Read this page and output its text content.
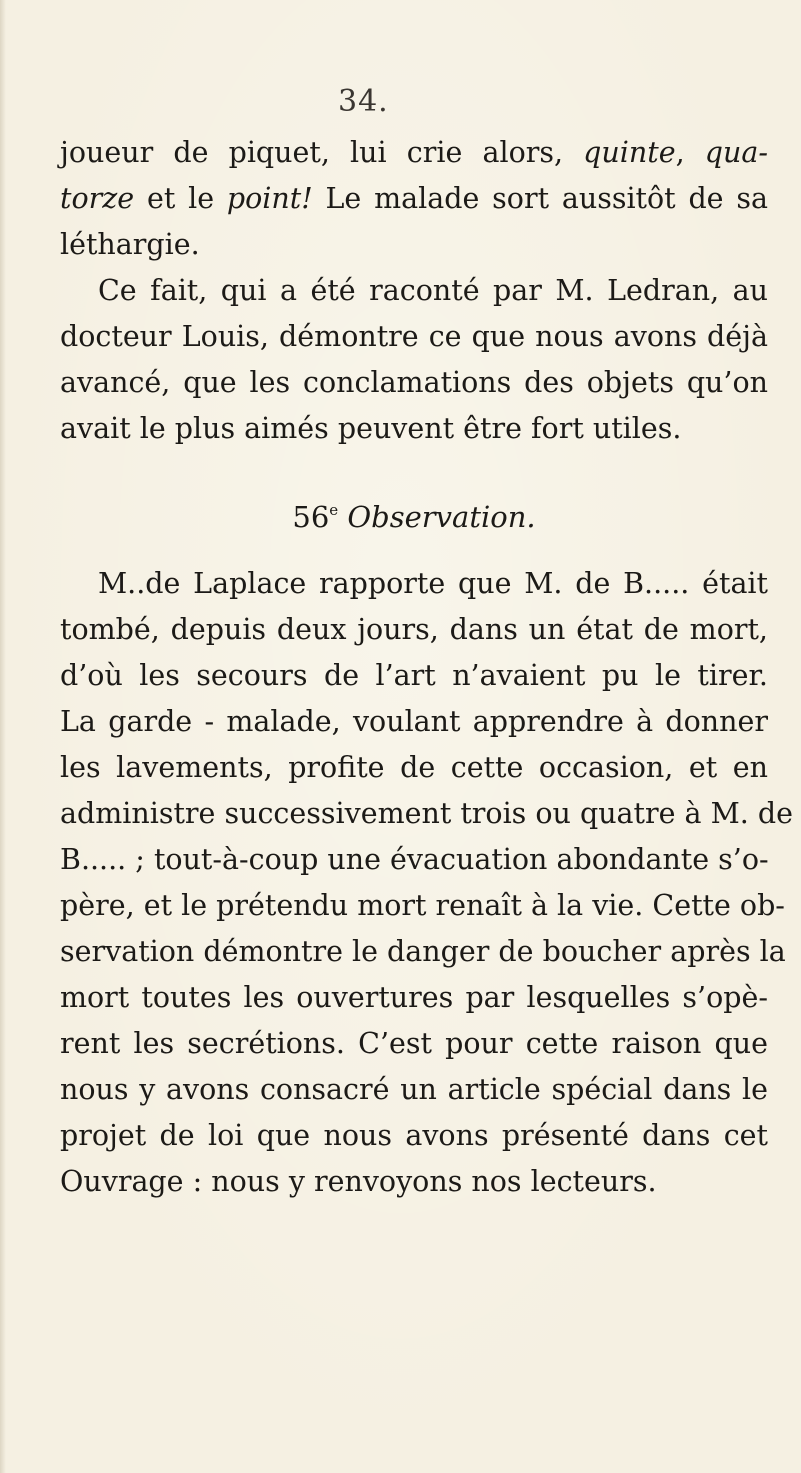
34.
joueur de piquet, lui crie alors, quinte, qua-
torze et le point! Le malade sort aussitôt de sa
léthargie.
Ce fait, qui a été raconté par M. Ledran, au
docteur Louis, démontre ce que nous avons déjà
avancé, que les conclamations des objets qu’on
avait le plus aimés peuvent être fort utiles.
56e Observation.
M..de Laplace rapporte que M. de B..... était
tombé, depuis deux jours, dans un état de mort,
d’où les secours de l’art n’avaient pu le tirer.
La garde - malade, voulant apprendre à donner
les lavements, profite de cette occasion, et en
administre successivement trois ou quatre à M. de
B..... ; tout-à-coup une évacuation abondante s’o-
père, et le prétendu mort renaît à la vie. Cette ob-
servation démontre le danger de boucher après la
mort toutes les ouvertures par lesquelles s’opè-
rent les secrétions. C’est pour cette raison que
nous y avons consacré un article spécial dans le
projet de loi que nous avons présenté dans cet
Ouvrage : nous y renvoyons nos lecteurs.
